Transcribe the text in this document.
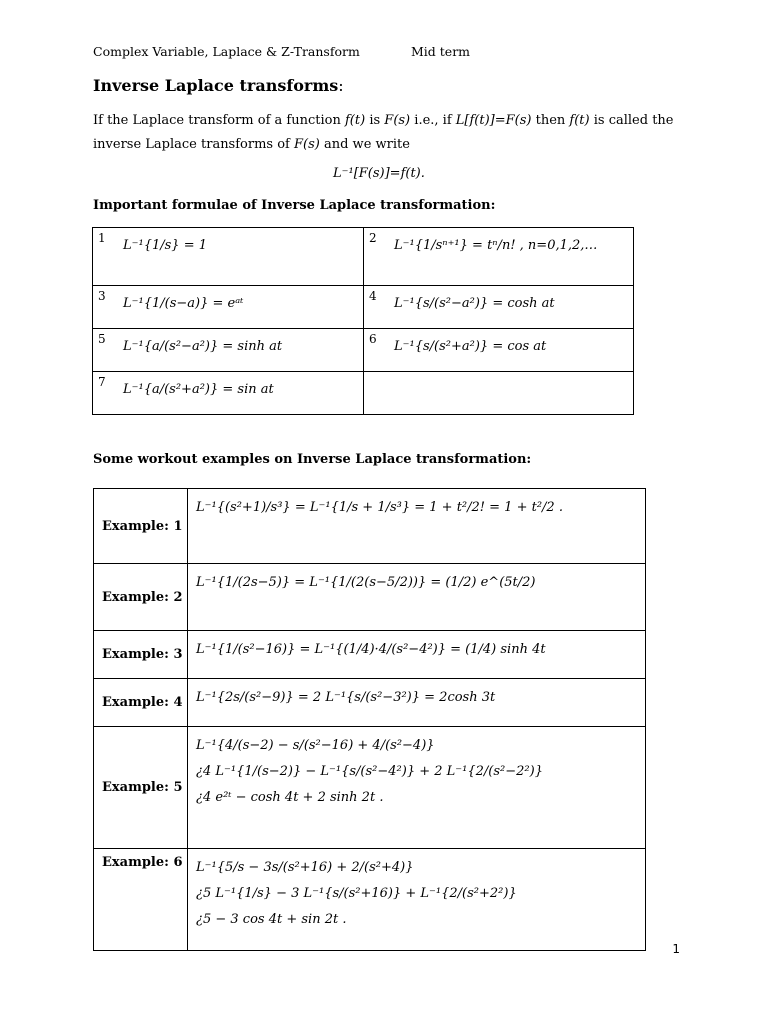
Complex Variable, Laplace & Z-Transform	Mid term
Inverse Laplace transforms:
If the Laplace transform of a function f(t) is F(s) i.e., if L[f(t)]=F(s) then f(t) is called the
inverse Laplace transforms of F(s) and we write
L⁻¹[F(s)]=f(t).
Important formulae of Inverse Laplace transformation:
1 L⁻¹{1/s} = 1	2 L⁻¹{1/sⁿ⁺¹} = tⁿ/n! , n=0,1,2,…

3 L⁻¹{1/(s−a)} = eᵃᵗ	4 L⁻¹{s/(s²−a²)} = cosh at

5 L⁻¹{a/(s²−a²)} = sinh at	6 L⁻¹{s/(s²+a²)} = cos at

7 L⁻¹{a/(s²+a²)} = sin at	

Some workout examples on Inverse Laplace transformation:
Example: 1	L⁻¹{(s²+1)/s³} = L⁻¹{1/s + 1/s³} = 1 + t²/2! = 1 + t²/2 .

Example: 2	L⁻¹{1/(2s−5)} = L⁻¹{1/(2(s−5/2))} = (1/2) e^(5t/2)

Example: 3	L⁻¹{1/(s²−16)} = L⁻¹{(1/4)·4/(s²−4²)} = (1/4) sinh 4t

Example: 4	L⁻¹{2s/(s²−9)} = 2 L⁻¹{s/(s²−3²)} = 2cosh 3t

Example: 5	L⁻¹{4/(s−2) − s/(s²−16) + 4/(s²−4)}
¿4 L⁻¹{1/(s−2)} − L⁻¹{s/(s²−4²)} + 2 L⁻¹{2/(s²−2²)}
¿4 e²ᵗ − cosh 4t + 2 sinh 2t .

Example: 6	L⁻¹{5/s − 3s/(s²+16) + 2/(s²+4)}
¿5 L⁻¹{1/s} − 3 L⁻¹{s/(s²+16)} + L⁻¹{2/(s²+2²)}
¿5 − 3 cos 4t + sin 2t .
1
